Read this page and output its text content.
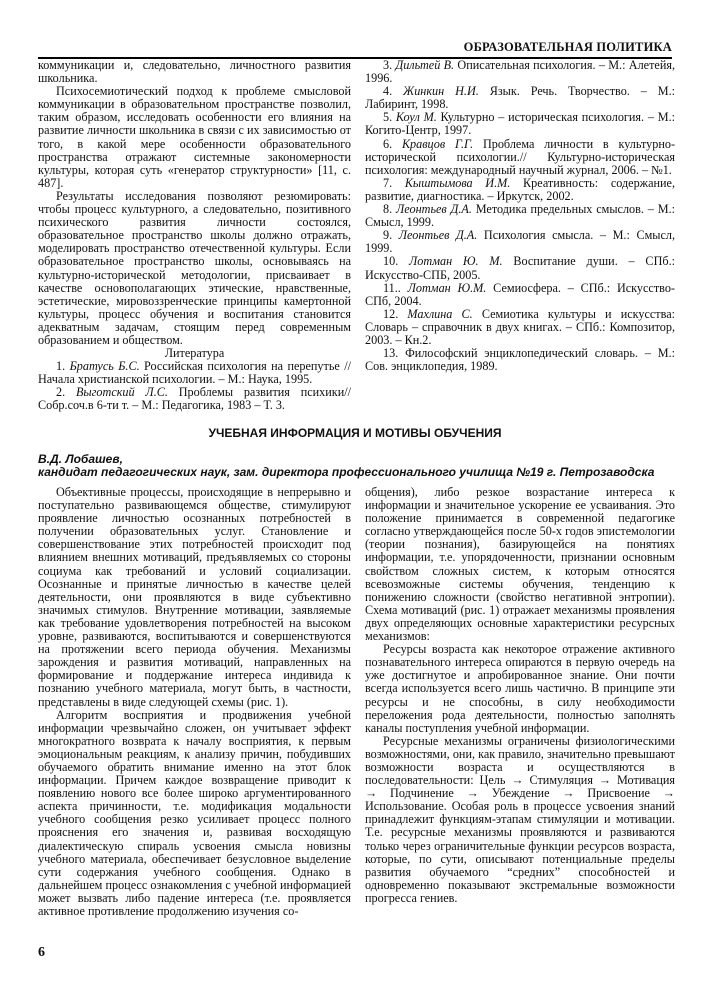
ОБРАЗОВАТЕЛЬНАЯ ПОЛИТИКА

коммуникации и, следовательно, личностного развития школьника.

Психосемиотический подход к проблеме смысловой коммуникации в образовательном пространстве позволил, таким образом, исследовать особенности его влияния на развитие личности школьника в связи с их зависимостью от того, в какой мере особенности образовательного пространства отражают системные закономерности культуры, которая суть «генератор структурности» [11, с. 487].

Результаты исследования позволяют резюмировать: чтобы процесс культурного, а следовательно, позитивного психического развития личности состоялся, образовательное пространство школы должно отражать, моделировать пространство отечественной культуры. Если образовательное пространство школы, основываясь на культурно-исторической методологии, присваивает в качестве основополагающих этические, нравственные, эстетические, мировоззренческие принципы камертонной культуры, процесс обучения и воспитания становится адекватным задачам, стоящим перед современным образованием и обществом.

Литература

1. Братусь Б.С. Российская психология на перепутье // Начала христианской психологии. – М.: Наука, 1995.

2. Выготский Л.С. Проблемы развития психики// Собр.соч.в 6-ти т. – М.: Педагогика, 1983 – Т. 3.

3. Дильтей В. Описательная психология. – М.: Алетейя, 1996.

4. Жинкин Н.И. Язык. Речь. Творчество. – М.: Лабиринт, 1998.

5. Коул М. Культурно – историческая психология. – М.: Когито-Центр, 1997.

6. Кравцов Г.Г. Проблема личности в культурно-исторической психологии.// Культурно-историческая психология: международный научный журнал, 2006. – №1.

7. Кыштымова И.М. Креативность: содержание, развитие, диагностика. – Иркутск, 2002.

8. Леонтьев Д.А. Методика предельных смыслов. – М.: Смысл, 1999.

9. Леонтьев Д.А. Психология смысла. – М.: Смысл, 1999.

10. Лотман Ю. М. Воспитание души. – СПб.: Искусство-СПБ, 2005.

11.. Лотман Ю.М. Семиосфера. – СПб.: Искусство-СПб, 2004.

12. Махлина С. Семиотика культуры и искусства: Словарь – справочник в двух книгах. – СПб.: Композитор, 2003. – Кн.2.

13. Философский энциклопедический словарь. – М.: Сов. энциклопедия, 1989.

УЧЕБНАЯ ИНФОРМАЦИЯ И МОТИВЫ ОБУЧЕНИЯ
В.Д. Лобашев,
кандидат педагогических наук, зам. директора профессионального училища №19 г. Петрозаводска

Объективные процессы, происходящие в непрерывно и поступательно развивающемся обществе, стимулируют проявление личностью осознанных потребностей в получении образовательных услуг. Становление и совершенствование этих потребностей происходит под влиянием внешних мотиваций, предъявляемых со стороны социума как требований и условий социализации. Осознанные и принятые личностью в качестве целей деятельности, они проявляются в виде субъективно значимых стимулов. Внутренние мотивации, заявляемые как требование удовлетворения потребностей на высоком уровне, развиваются, воспитываются и совершенствуются на протяжении всего периода обучения. Механизмы зарождения и развития мотиваций, направленных на формирование и поддержание интереса индивида к познанию учебного материала, могут быть, в частности, представлены в виде следующей схемы (рис. 1).

Алгоритм восприятия и продвижения учебной информации чрезвычайно сложен, он учитывает эффект многократного возврата к началу восприятия, к первым эмоциональным реакциям, к анализу причин, побудивших обучаемого обратить внимание именно на этот блок информации. Причем каждое возвращение приводит к появлению нового все более широко аргументированного аспекта причинности, т.е. модификация модальности учебного сообщения резко усиливает процесс полного прояснения его значения и, развивая восходящую диалектическую спираль усвоения смысла новизны учебного материала, обеспечивает безусловное выделение сути содержания учебного сообщения. Однако в дальнейшем процесс ознакомления с учебной информацией может вызвать либо падение интереса (т.е. проявляется активное противление продолжению изучения со-

общения), либо резкое возрастание интереса к информации и значительное ускорение ее усваивания. Это положение принимается в современной педагогике согласно утверждающейся после 50-х годов эпистемологии (теории познания), базирующейся на понятиях информации, т.е. упорядоченности, признании основным свойством сложных систем, к которым относятся всевозможные системы обучения, тенденцию к понижению сложности (свойство негативной энтропии). Схема мотиваций (рис. 1) отражает механизмы проявления двух определяющих основные характеристики ресурсных механизмов:

Ресурсы возраста как некоторое отражение активного познавательного интереса опираются в первую очередь на уже достигнутое и апробированное знание. Они почти всегда используется всего лишь частично. В принципе эти ресурсы и не способны, в силу необходимости переложения рода деятельности, полностью заполнять каналы поступления учебной информации.

Ресурсные механизмы ограничены физиологическими возможностями, они, как правило, значительно превышают возможности возраста и осуществляются в последовательности: Цель → Стимуляция → Мотивация → Подчинение → Убеждение → Присвоение → Использование. Особая роль в процессе усвоения знаний принадлежит функциям-этапам стимуляции и мотивации. Т.е. ресурсные механизмы проявляются и развиваются только через ограничительные функции ресурсов возраста, которые, по сути, описывают потенциальные пределы развития обучаемого “средних” способностей и одновременно показывают экстремальные возможности прогресса гениев.

6
